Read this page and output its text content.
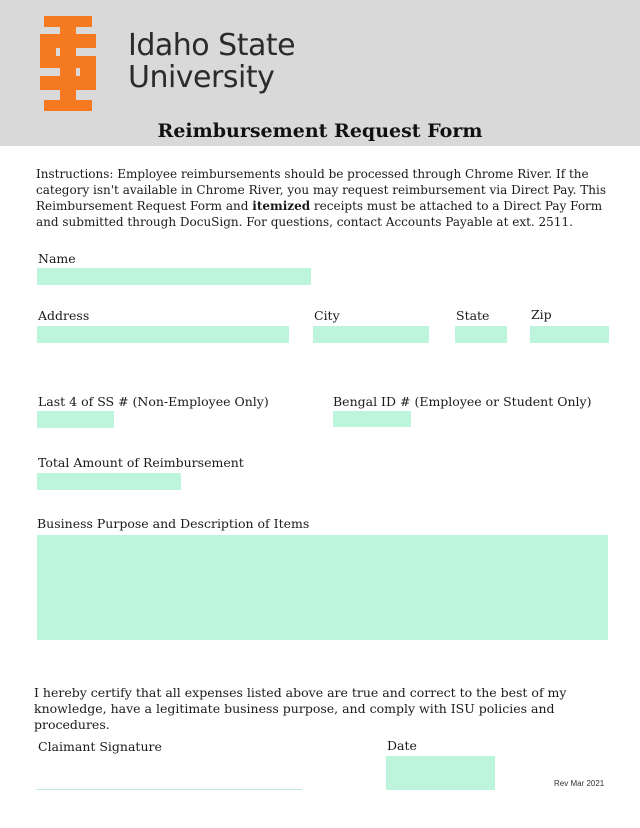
Idaho State
University
Reimbursement Request Form
Instructions: Employee reimbursements should be processed through Chrome River. If the category isn't available in Chrome River, you may request reimbursement via Direct Pay. This Reimbursement Request Form and itemized receipts must be attached to a Direct Pay Form and submitted through DocuSign. For questions, contact Accounts Payable at ext. 2511.
Name
Address	City	State	Zip
Last 4 of SS # (Non-Employee Only)	Bengal ID # (Employee or Student Only)
Total Amount of Reimbursement
Business Purpose and Description of Items
I hereby certify that all expenses listed above are true and correct to the best of my knowledge, have a legitimate business purpose, and comply with ISU policies and procedures.
Claimant Signature	Date
Rev Mar 2021
